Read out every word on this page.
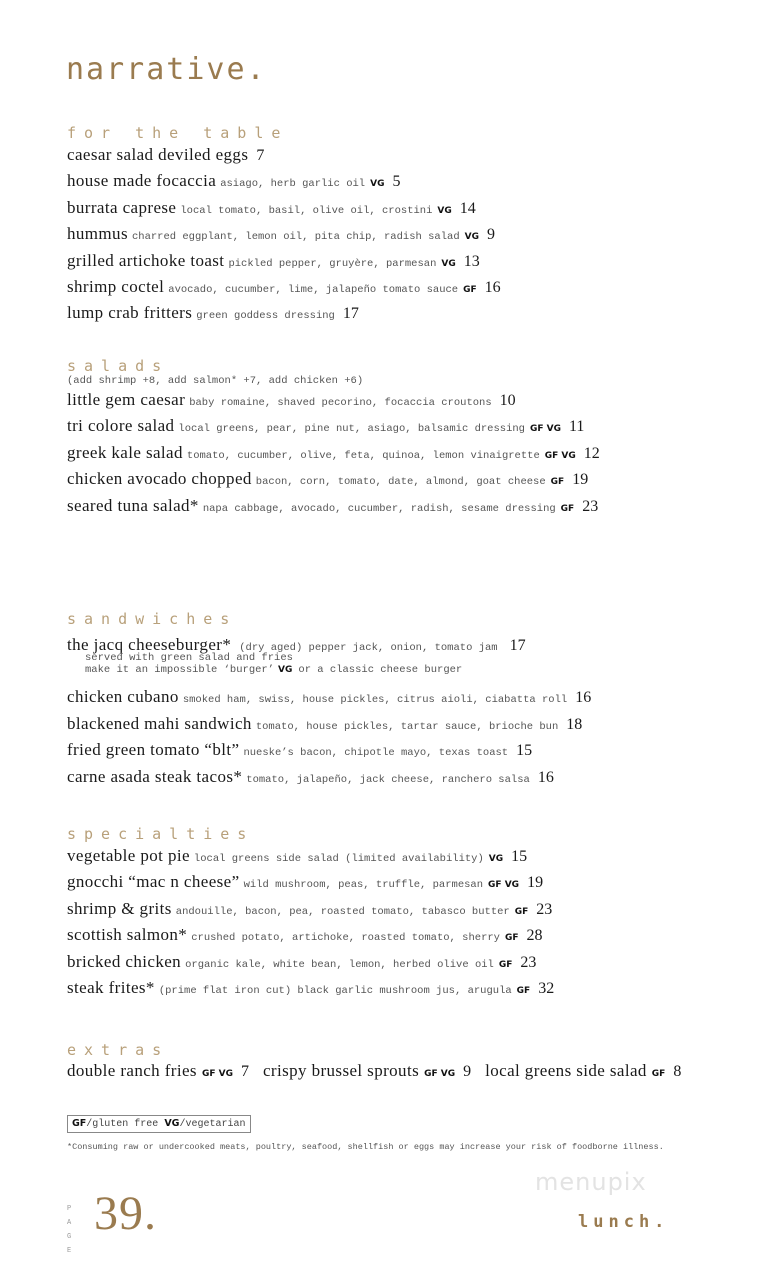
narrative.
for the table
caesar salad deviled eggs 7
house made focaccia asiago, herb garlic oil VG 5
burrata caprese local tomato, basil, olive oil, crostini VG 14
hummus charred eggplant, lemon oil, pita chip, radish salad VG 9
grilled artichoke toast pickled pepper, gruyère, parmesan VG 13
shrimp coctel avocado, cucumber, lime, jalapeño tomato sauce GF 16
lump crab fritters green goddess dressing 17
salads
(add shrimp +8, add salmon* +7, add chicken +6)
little gem caesar baby romaine, shaved pecorino, focaccia croutons 10
tri colore salad local greens, pear, pine nut, asiago, balsamic dressing GF VG 11
greek kale salad tomato, cucumber, olive, feta, quinoa, lemon vinaigrette GF VG 12
chicken avocado chopped bacon, corn, tomato, date, almond, goat cheese GF 19
seared tuna salad* napa cabbage, avocado, cucumber, radish, sesame dressing GF 23
sandwiches
the jacq cheeseburger* (dry aged) pepper jack, onion, tomato jam 17
served with green salad and fries
make it an impossible ‘burger’ VG or a classic cheese burger
chicken cubano smoked ham, swiss, house pickles, citrus aioli, ciabatta roll 16
blackened mahi sandwich tomato, house pickles, tartar sauce, brioche bun 18
fried green tomato “blt” nueske’s bacon, chipotle mayo, texas toast 15
carne asada steak tacos* tomato, jalapeño, jack cheese, ranchero salsa 16
specialties
vegetable pot pie local greens side salad (limited availability) VG 15
gnocchi “mac n cheese” wild mushroom, peas, truffle, parmesan GF VG 19
shrimp & grits andouille, bacon, pea, roasted tomato, tabasco butter GF 23
scottish salmon* crushed potato, artichoke, roasted tomato, sherry GF 28
bricked chicken organic kale, white bean, lemon, herbed olive oil GF 23
steak frites* (prime flat iron cut) black garlic mushroom jus, arugula GF 32
extras
double ranch fries GF VG 7 crispy brussel sprouts GF VG 9 local greens side salad GF 8
GF/gluten free VG/vegetarian
*Consuming raw or undercooked meats, poultry, seafood, shellfish or eggs may increase your risk of foodborne illness.
P
A
G
E
39.
menupix
lunch.
